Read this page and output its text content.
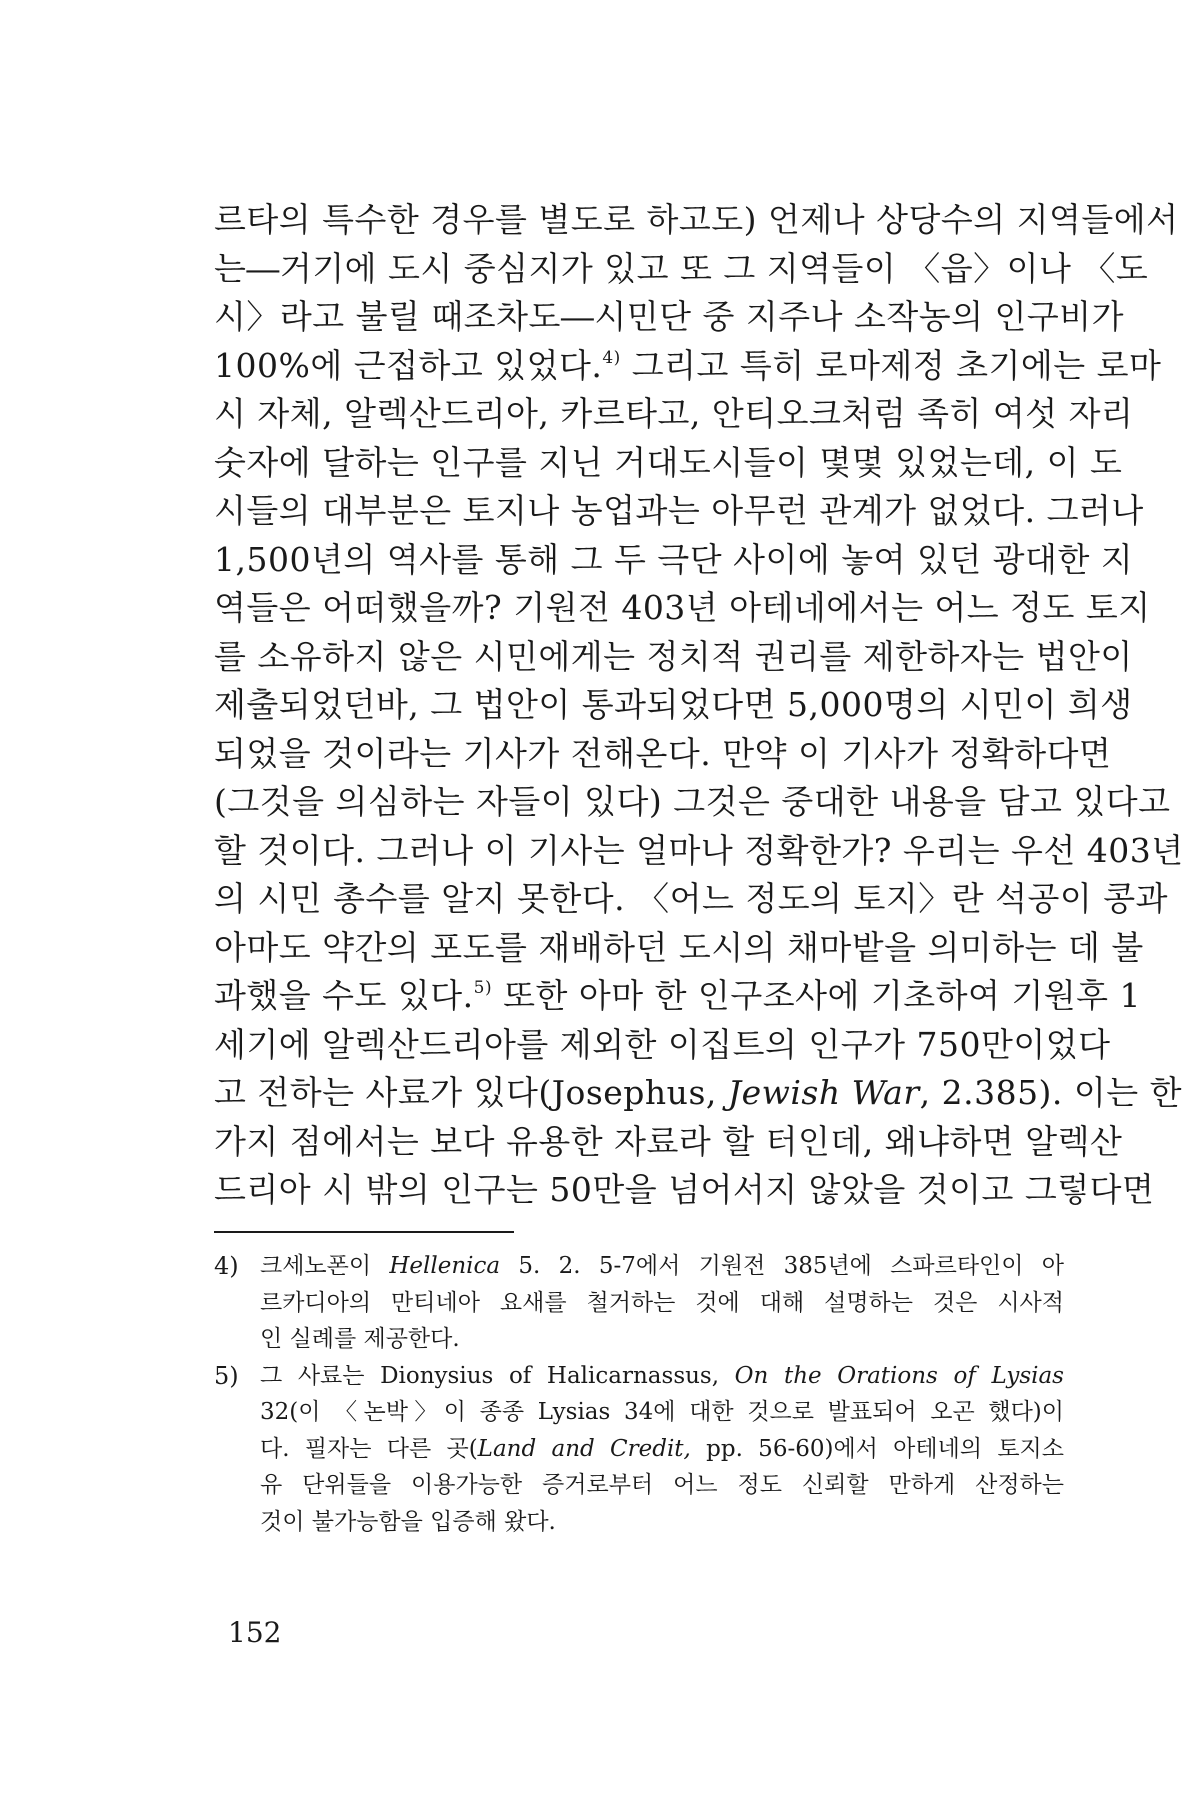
르타의 특수한 경우를 별도로 하고도) 언제나 상당수의 지역들에서
는―거기에 도시 중심지가 있고 또 그 지역들이 〈읍〉이나 〈도
시〉라고 불릴 때조차도―시민단 중 지주나 소작농의 인구비가
100%에 근접하고 있었다.$^{4)}$ 그리고 특히 로마제정 초기에는 로마
시 자체, 알렉산드리아, 카르타고, 안티오크처럼 족히 여섯 자리
숫자에 달하는 인구를 지닌 거대도시들이 몇몇 있었는데, 이 도
시들의 대부분은 토지나 농업과는 아무런 관계가 없었다. 그러나
1,500년의 역사를 통해 그 두 극단 사이에 놓여 있던 광대한 지
역들은 어떠했을까? 기원전 403년 아테네에서는 어느 정도 토지
를 소유하지 않은 시민에게는 정치적 권리를 제한하자는 법안이
제출되었던바, 그 법안이 통과되었다면 5,000명의 시민이 희생
되었을 것이라는 기사가 전해온다. 만약 이 기사가 정확하다면
(그것을 의심하는 자들이 있다) 그것은 중대한 내용을 담고 있다고
할 것이다. 그러나 이 기사는 얼마나 정확한가? 우리는 우선 403년
의 시민 총수를 알지 못한다. 〈어느 정도의 토지〉란 석공이 콩과
아마도 약간의 포도를 재배하던 도시의 채마밭을 의미하는 데 불
과했을 수도 있다.$^{5)}$ 또한 아마 한 인구조사에 기초하여 기원후 1
세기에 알렉산드리아를 제외한 이집트의 인구가 750만이었다
고 전하는 사료가 있다(Josephus, Jewish War, 2.385). 이는 한
가지 점에서는 보다 유용한 자료라 할 터인데, 왜냐하면 알렉산
드리아 시 밖의 인구는 50만을 넘어서지 않았을 것이고 그렇다면
4) 크세노폰이 Hellenica 5. 2. 5-7에서 기원전 385년에 스파르타인이 아
르카디아의 만티네아 요새를 철거하는 것에 대해 설명하는 것은 시사적
인 실례를 제공한다.
5) 그 사료는 Dionysius of Halicarnassus, On the Orations of Lysias
32(이 〈논박〉이 종종 Lysias 34에 대한 것으로 발표되어 오곤 했다)이
다. 필자는 다른 곳(Land and Credit, pp. 56-60)에서 아테네의 토지소
유 단위들을 이용가능한 증거로부터 어느 정도 신뢰할 만하게 산정하는
것이 불가능함을 입증해 왔다.
152
